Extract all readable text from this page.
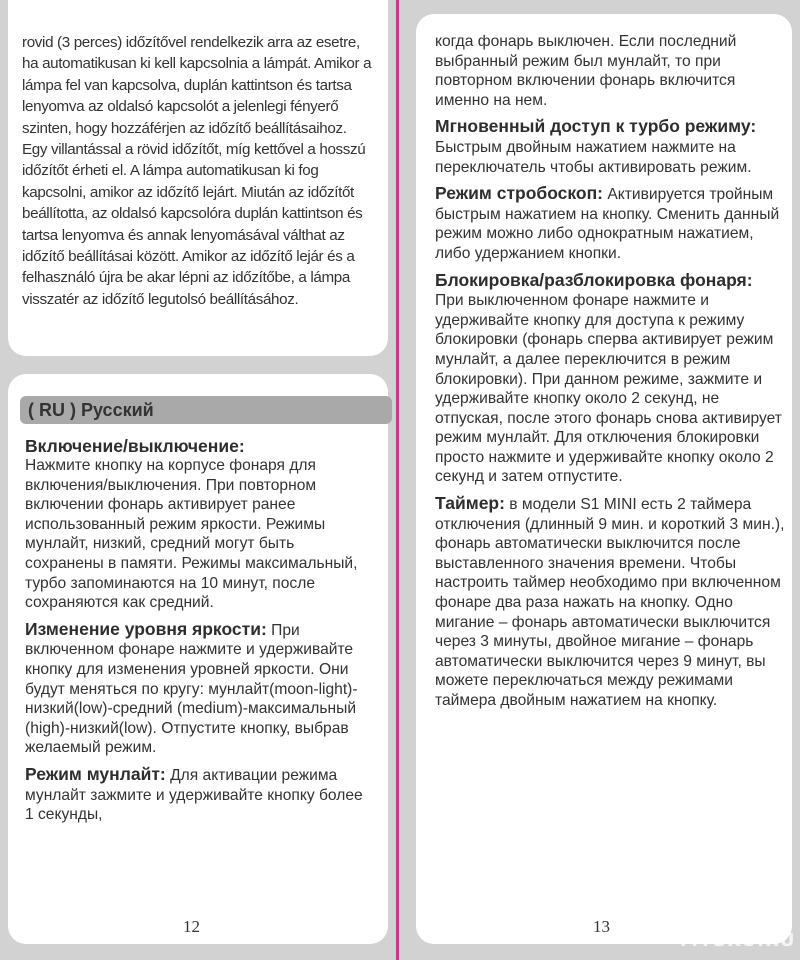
rovid (3 perces) időzítővel rendelkezik arra az esetre, ha automatikusan ki kell kapcsolnia a lámpát. Amikor a lámpa fel van kapcsolva, duplán kattintson és tartsa lenyomva az oldalsó kapcsolót a jelenlegi fényerő szinten, hogy hozzáférjen az időzítő beállításaihoz. Egy villantással a rövid időzítőt, míg kettővel a hosszú időzítőt érheti el. A lámpa automatikusan ki fog kapcsolni, amikor az időzítő lejárt. Miután az időzítőt beállította, az oldalsó kapcsolóra duplán kattintson és tartsa lenyomva és annak lenyomásával válthat az időzítő beállításai között. Amikor az időzítő lejár és a felhasználó újra be akar lépni az időzítőbe, a lámpa visszatér az időzítő legutolsó beállításához.
( RU ) Русский

Включение/выключение:
Нажмите кнопку на корпусе фонаря для включения/выключения. При повторном включении фонарь активирует ранее использованный режим яркости. Режимы мунлайт, низкий, средний могут быть сохранены в памяти. Режимы максимальный, турбо запоминаются на 10 минут, после сохраняются как средний.

Изменение уровня яркости: При включенном фонаре нажмите и удерживайте кнопку для изменения уровней яркости. Они будут меняться по кругу: мунлайт(moon-light)-низкий(low)-средний (medium)-максимальный (high)-низкий(low). Отпустите кнопку, выбрав желаемый режим.

Режим мунлайт: Для активации режима мунлайт зажмите и удерживайте кнопку более 1 секунды,

12

когда фонарь выключен. Если последний выбранный режим был мунлайт, то при повторном включении фонарь включится именно на нем.

Мгновенный доступ к турбо режиму: Быстрым двойным нажатием нажмите на переключатель чтобы активировать режим.

Режим стробоскоп: Активируется тройным быстрым нажатием на кнопку. Сменить данный режим можно либо однократным нажатием, либо удержанием кнопки.

Блокировка/разблокировка фонаря: При выключенном фонаре нажмите и удерживайте кнопку для доступа к режиму блокировки (фонарь сперва активирует режим мунлайт, а далее переключится в режим блокировки). При данном режиме, зажмите и удерживайте кнопку около 2 секунд, не отпуская, после этого фонарь снова активирует режим мунлайт. Для отключения блокировки просто нажмите и удерживайте кнопку около 2 секунд и затем отпустите.

Таймер: в модели S1 MINI есть 2 таймера отключения (длинный 9 мин. и короткий 3 мин.), фонарь автоматически выключится после выставленного значения времени. Чтобы настроить таймер необходимо при включенном фонаре два раза нажать на кнопку. Одно мигание – фонарь автоматически выключится через 3 минуты, двойное мигание – фонарь автоматически выключится через 9 минут, вы можете переключаться между режимами таймера двойным нажатием на кнопку.

13
MYSKU.RU
